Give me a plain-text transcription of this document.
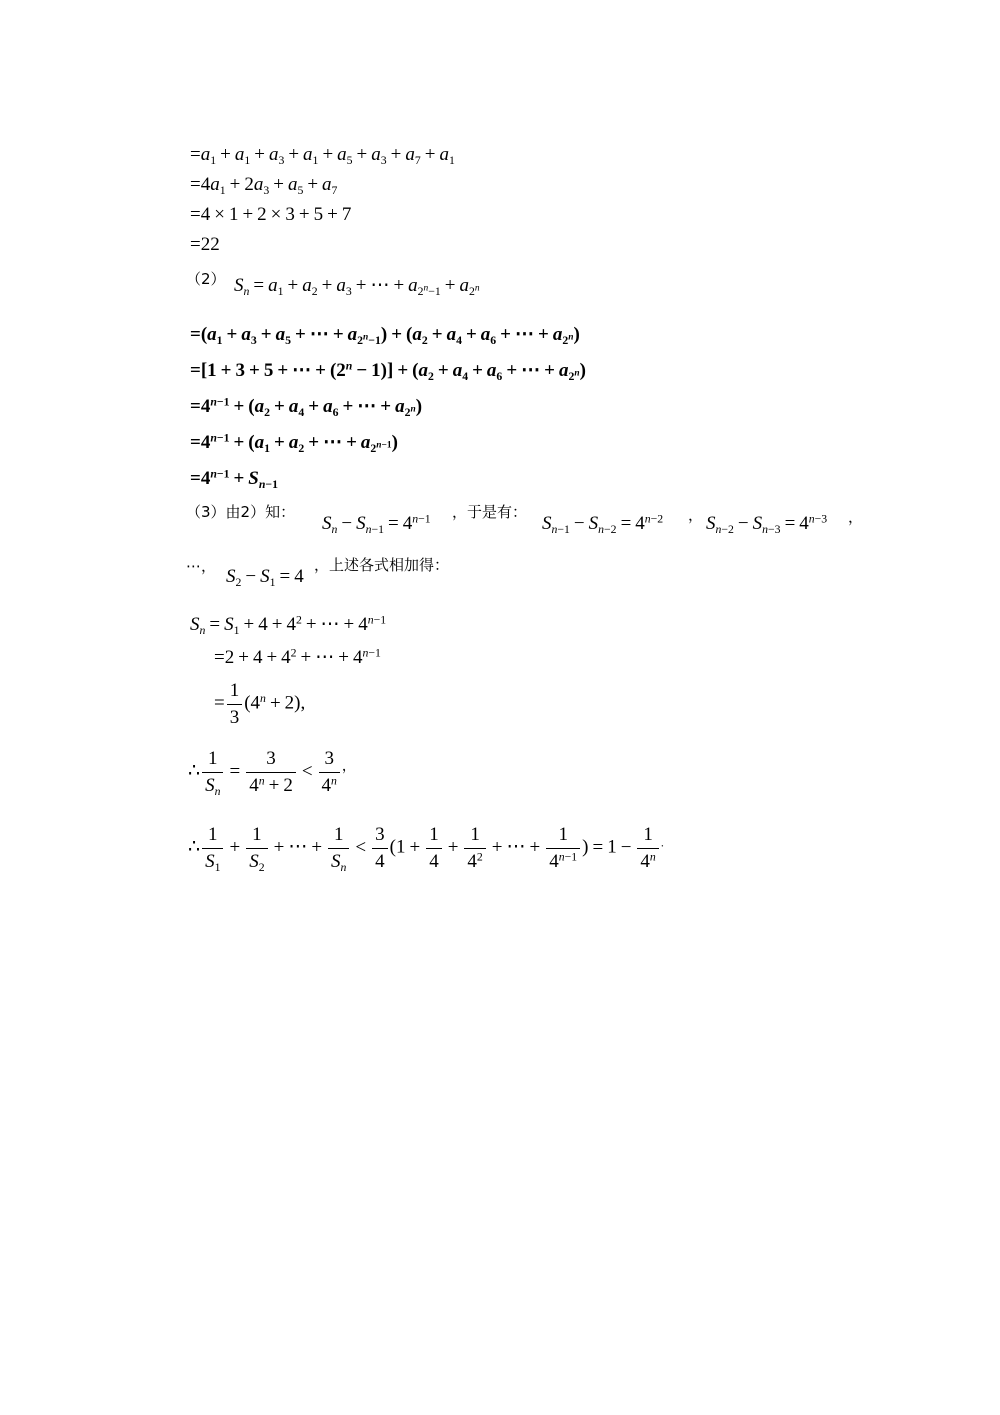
$=a_1 + a_1 + a_3 + a_1 + a_5 + a_3 + a_7 + a_1$
$=4a_1 + 2a_3 + a_5 + a_7$
=4 × 1 + 2 × 3 + 5 + 7
=22
（2） $S_n = a_1 + a_2 + a_3$ + ⋯ + $a_{2^n-1} + a_{2^n}$
$=(a_1 + a_3 + a_5$ + ⋯ + $a_{2^n-1}) + (a_2 + a_4 + a_6$ + ⋯ + $a_{2^n}$)
=[1 + 3 + 5 + ⋯ + $(2^n - 1)] + (a_2 + a_4 + a_6$ + ⋯ + $a_{2^n}$)
$=4^{n-1} + (a_2 + a_4 + a_6$ + ⋯ + $a_{2^n}$)
$=4^{n-1} + (a_1 + a_2$ + ⋯ + $a_{2^{n-1}}$)
$=4^{n-1} + S_{n-1}$
（3）由2）知：
$S_n - S_{n-1} = 4^{n-1}$ ，于是有：
$S_{n-1} - S_{n-2} = 4^{n-2}$ ， $S_{n-2} - S_{n-3} = 4^{n-3}$ ，
⋯， $S_2 - S_1 = 4$
，上述各式相加得：
$S_n = S_1 + 4 + 4^2$ + ⋯ + $4^{n-1}$
$=2 + 4 + 4^2$ + ⋯ + $4^{n-1}$
= $\frac{1}{3} (4^n + 2)$,
∴ $\frac{1}{S_n} = \frac{3}{4^n + 2} < \frac{3}{4^n} ^,$
∴ $\frac{1}{S_1} + \frac{1}{S_2}$ + ⋯ + $\frac{1}{S_n} < \frac{3}{4} (1 + \frac{1}{4} + \frac{1}{4^2}$ + ⋯ + $\frac{1}{4^{n-1}}$ ) = $1 - \frac{1}{4^n} ^.$
